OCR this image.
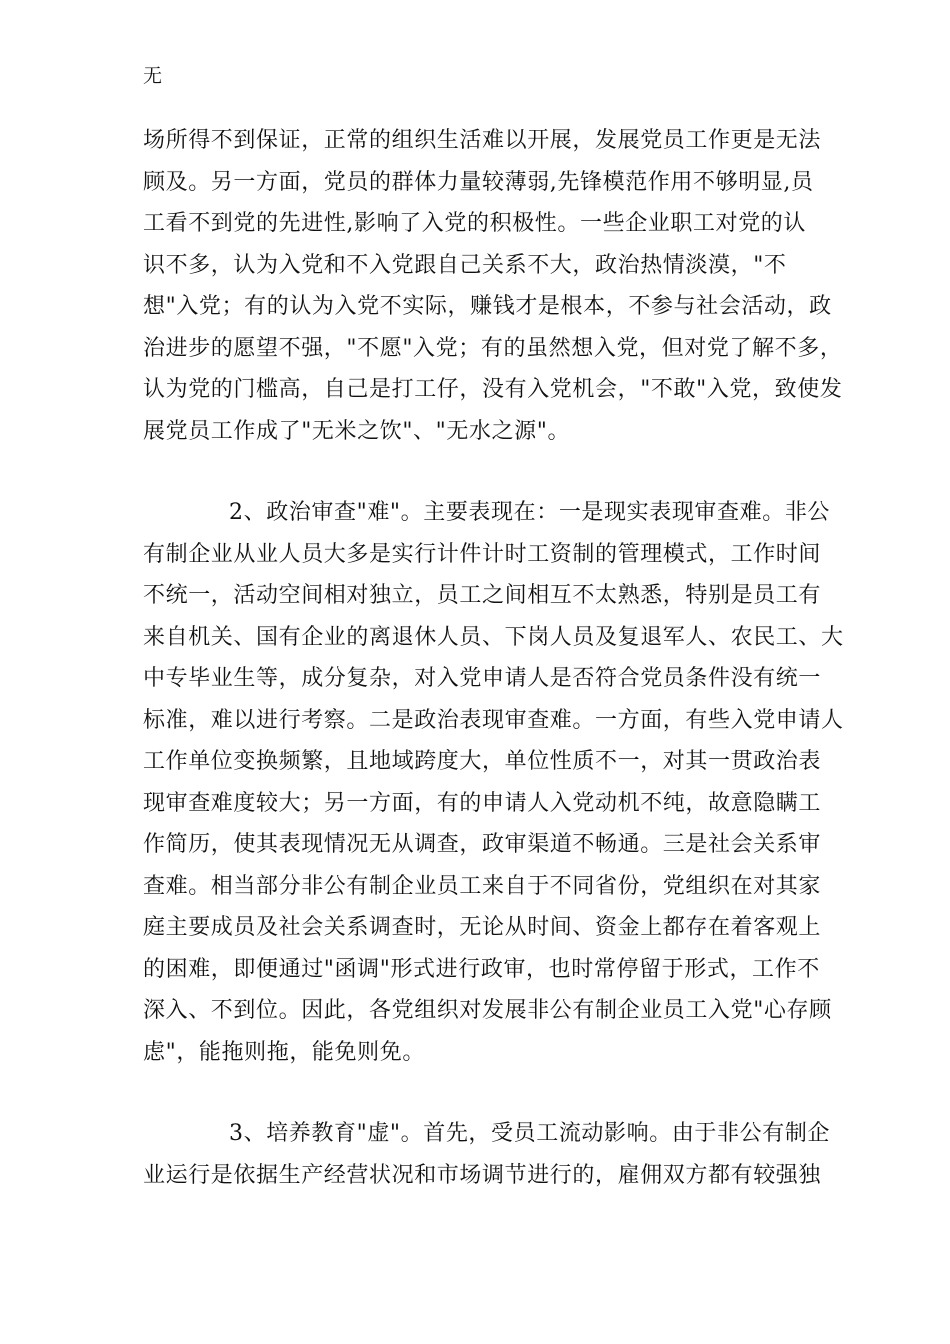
无
场所得不到保证，正常的组织生活难以开展，发展党员工作更是无法
顾及。另一方面，党员的群体力量较薄弱,先锋模范作用不够明显,员
工看不到党的先进性,影响了入党的积极性。一些企业职工对党的认
识不多，认为入党和不入党跟自己关系不大，政治热情淡漠，"不
想"入党；有的认为入党不实际，赚钱才是根本，不参与社会活动，政
治进步的愿望不强，"不愿"入党；有的虽然想入党，但对党了解不多，
认为党的门槛高，自己是打工仔，没有入党机会，"不敢"入党，致使发
展党员工作成了"无米之饮"、"无水之源"。
2、政治审查"难"。主要表现在：一是现实表现审查难。非公
有制企业从业人员大多是实行计件计时工资制的管理模式，工作时间
不统一，活动空间相对独立，员工之间相互不太熟悉，特别是员工有
来自机关、国有企业的离退休人员、下岗人员及复退军人、农民工、大
中专毕业生等，成分复杂，对入党申请人是否符合党员条件没有统一
标准，难以进行考察。二是政治表现审查难。一方面，有些入党申请人
工作单位变换频繁，且地域跨度大，单位性质不一，对其一贯政治表
现审查难度较大；另一方面，有的申请人入党动机不纯，故意隐瞒工
作简历，使其表现情况无从调查，政审渠道不畅通。三是社会关系审
查难。相当部分非公有制企业员工来自于不同省份，党组织在对其家
庭主要成员及社会关系调查时，无论从时间、资金上都存在着客观上
的困难，即便通过"函调"形式进行政审，也时常停留于形式，工作不
深入、不到位。因此，各党组织对发展非公有制企业员工入党"心存顾
虑"，能拖则拖，能免则免。
3、培养教育"虚"。首先，受员工流动影响。由于非公有制企
业运行是依据生产经营状况和市场调节进行的，雇佣双方都有较强独
